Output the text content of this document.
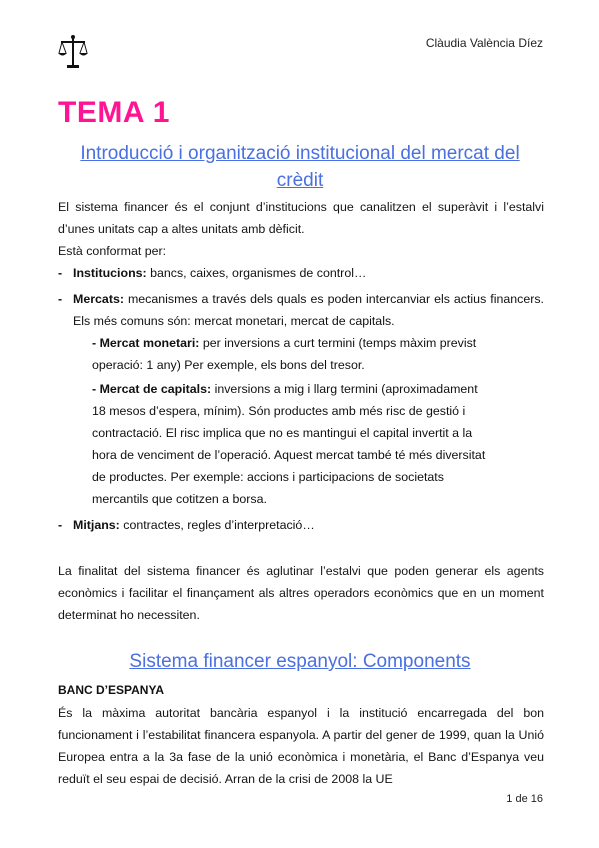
Clàudia València Díez
TEMA 1
Introducció i organització institucional del mercat del
crèdit
El sistema financer és el conjunt d’institucions que canalitzen el superàvit i l’estalvi d’unes unitats cap a altes unitats amb dèficit.
Està conformat per:
- Institucions: bancs, caixes, organismes de control…
- Mercats: mecanismes a través dels quals es poden intercanviar els actius financers. Els més comuns són: mercat monetari, mercat de capitals.
- Mercat monetari: per inversions a curt termini (temps màxim previst operació: 1 any) Per exemple, els bons del tresor.
- Mercat de capitals: inversions a mig i llarg termini (aproximadament 18 mesos d’espera, mínim). Són productes amb més risc de gestió i contractació. El risc implica que no es mantingui el capital invertit a la hora de venciment de l’operació. Aquest mercat també té més diversitat de productes. Per exemple: accions i participacions de societats mercantils que cotitzen a borsa.
- Mitjans: contractes, regles d’interpretació…
La finalitat del sistema financer és aglutinar l’estalvi que poden generar els agents econòmics i facilitar el finançament als altres operadors econòmics que en un moment determinat ho necessiten.
Sistema financer espanyol: Components
BANC D’ESPANYA
És la màxima autoritat bancària espanyol i la institució encarregada del bon funcionament i l’estabilitat financera espanyola. A partir del gener de 1999, quan la Unió Europea entra a la 3a fase de la unió econòmica i monetària, el Banc d’Espanya veu reduït el seu espai de decisió. Arran de la crisi de 2008 la UE
1 de 16
